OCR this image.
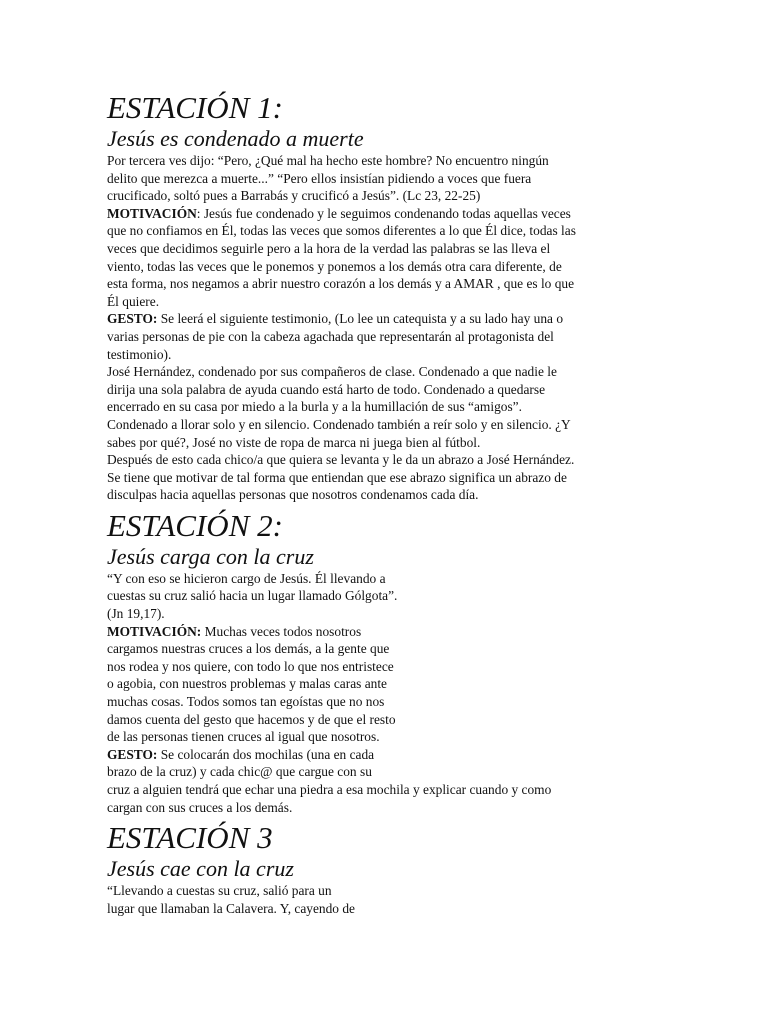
ESTACIÓN 1:
Jesús es condenado a muerte

Por tercera ves dijo: “Pero, ¿Qué mal ha hecho este hombre? No encuentro ningún
delito que merezca a muerte...” “Pero ellos insistían pidiendo a voces que fuera
crucificado, soltó pues a Barrabás y crucificó a Jesús”. (Lc 23, 22-25)

MOTIVACIÓN: Jesús fue condenado y le seguimos condenando todas aquellas veces
que no confiamos en Él, todas las veces que somos diferentes a lo que Él dice, todas las
veces que decidimos seguirle pero a la hora de la verdad las palabras se las lleva el
viento, todas las veces que le ponemos y ponemos a los demás otra cara diferente, de
esta forma, nos negamos a abrir nuestro corazón a los demás y a AMAR , que es lo que
Él quiere.

GESTO: Se leerá el siguiente testimonio, (Lo lee un catequista y a su lado hay una o
varias personas de pie con la cabeza agachada que representarán al protagonista del
testimonio).

José Hernández, condenado por sus compañeros de clase. Condenado a que nadie le
dirija una sola palabra de ayuda cuando está harto de todo. Condenado a quedarse
encerrado en su casa por miedo a la burla y a la humillación de sus “amigos”.
Condenado a llorar solo y en silencio. Condenado también a reír solo y en silencio. ¿Y
sabes por qué?, José no viste de ropa de marca ni juega bien al fútbol.
Después de esto cada chico/a que quiera se levanta y le da un abrazo a José Hernández.
Se tiene que motivar de tal forma que entiendan que ese abrazo significa un abrazo de
disculpas hacia aquellas personas que nosotros condenamos cada día.

ESTACIÓN 2:
Jesús carga con la cruz

“Y con eso se hicieron cargo de Jesús. Él llevando a
cuestas su cruz salió hacia un lugar llamado Gólgota”.
(Jn 19,17).

MOTIVACIÓN: Muchas veces todos nosotros
cargamos nuestras cruces a los demás, a la gente que
nos rodea y nos quiere, con todo lo que nos entristece
o agobia, con nuestros problemas y malas caras ante
muchas cosas. Todos somos tan egoístas que no nos
damos cuenta del gesto que hacemos y de que el resto
de las personas tienen cruces al igual que nosotros.

GESTO: Se colocarán dos mochilas (una en cada
brazo de la cruz) y cada chic@ que cargue con su
cruz a alguien tendrá que echar una piedra a esa mochila y explicar cuando y como
cargan con sus cruces a los demás.

ESTACIÓN 3
Jesús cae con la cruz

“Llevando a cuestas su cruz, salió para un
lugar que llamaban la Calavera. Y, cayendo de
